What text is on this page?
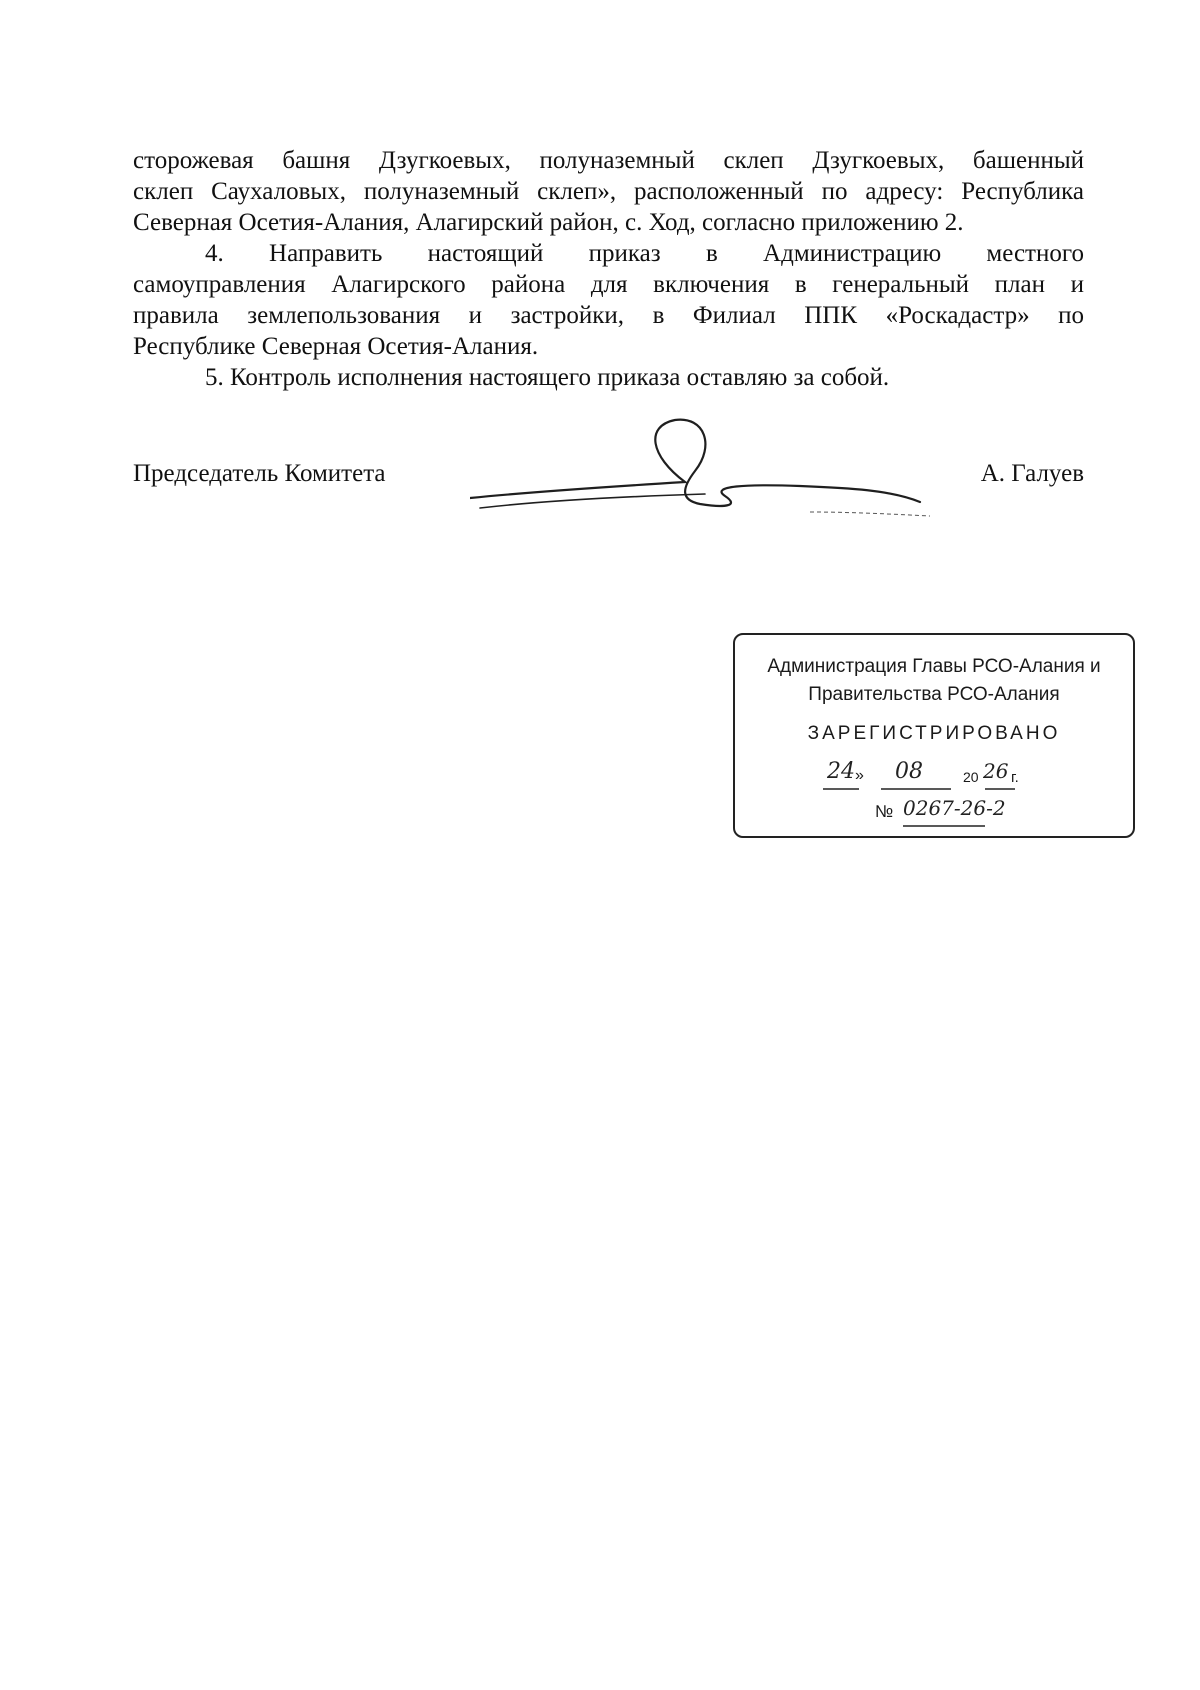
сторожевая башня Дзугкоевых, полуназемный склеп Дзугкоевых, башенный
склеп Саухаловых, полуназемный склеп», расположенный по адресу: Республика
Северная Осетия-Алания, Алагирский район, с. Ход, согласно приложению 2.
4. Направить настоящий приказ в Администрацию местного
самоуправления Алагирского района для включения в генеральный план и
правила землепользования и застройки, в Филиал ППК «Роскадастр» по
Республике Северная Осетия-Алания.
5. Контроль исполнения настоящего приказа оставляю за собой.
Председатель Комитета	А. Галуев
Администрация Главы РСО-Алания и
Правительства РСО-Алания
ЗАРЕГИСТРИРОВАНО
24 » 08	20 26 г.
№ 0267-26-2
